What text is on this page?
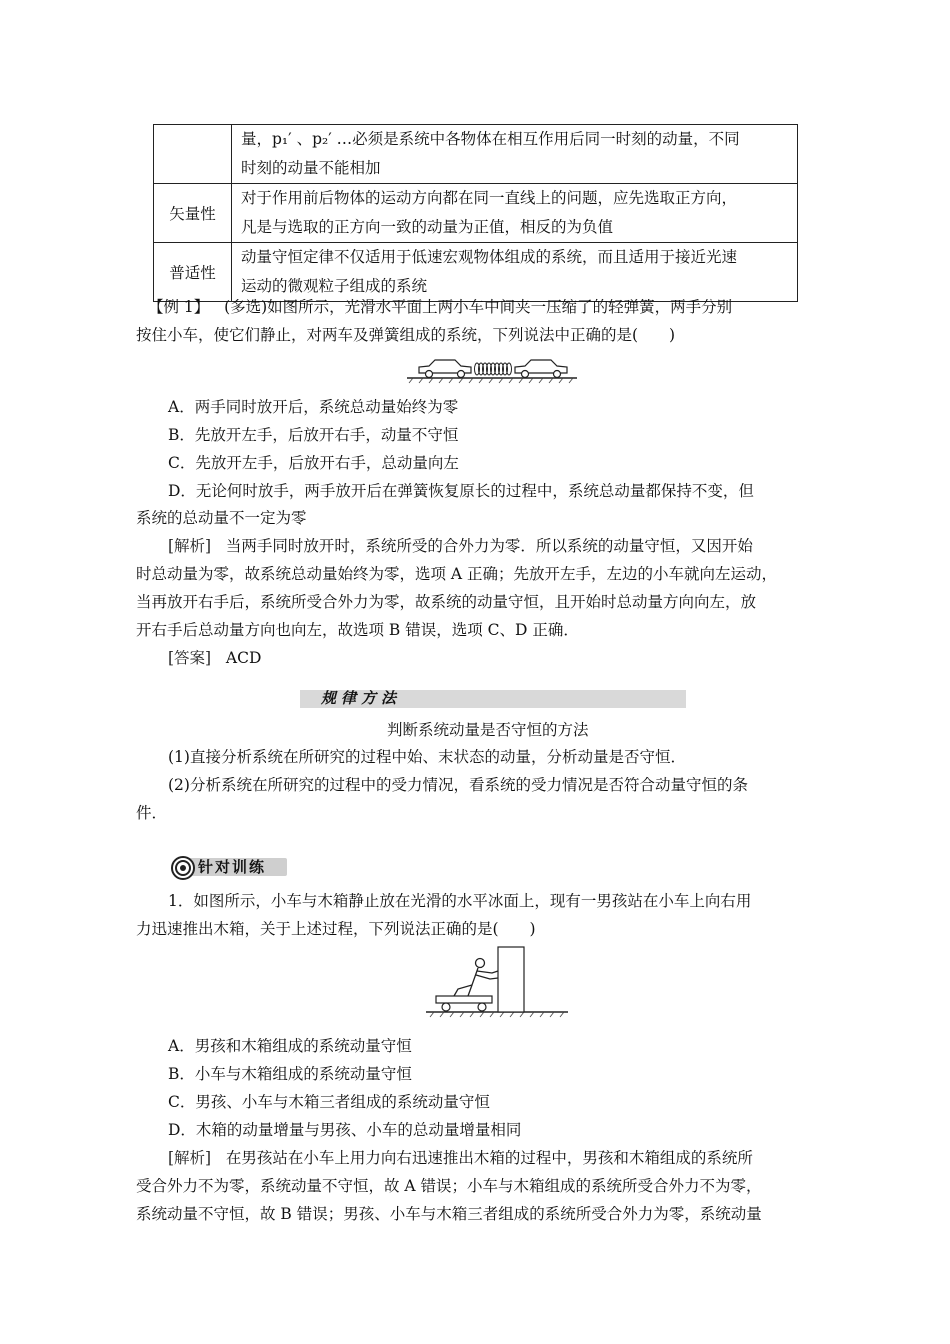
	量，p₁′ 、p₂′ …必须是系统中各物体在相互作用后同一时刻的动量，不同
时刻的动量不能相加

矢量性	对于作用前后物体的运动方向都在同一直线上的问题，应先选取正方向，
凡是与选取的正方向一致的动量为正值，相反的为负值

普适性	动量守恒定律不仅适用于低速宏观物体组成的系统，而且适用于接近光速
运动的微观粒子组成的系统
【例 1】 (多选)如图所示，光滑水平面上两小车中间夹一压缩了的轻弹簧，两手分别
按住小车，使它们静止，对两车及弹簧组成的系统，下列说法中正确的是(　　)
A．两手同时放开后，系统总动量始终为零
B．先放开左手，后放开右手，动量不守恒
C．先放开左手，后放开右手，总动量向左
D．无论何时放手，两手放开后在弹簧恢复原长的过程中，系统总动量都保持不变，但
系统的总动量不一定为零
[解析] 当两手同时放开时，系统所受的合外力为零．所以系统的动量守恒，又因开始
时总动量为零，故系统总动量始终为零，选项 A 正确；先放开左手，左边的小车就向左运动，
当再放开右手后，系统所受合外力为零，故系统的动量守恒，且开始时总动量方向向左，放
开右手后总动量方向也向左，故选项 B 错误，选项 C、D 正确．
[答案] ACD
规律方法
判断系统动量是否守恒的方法
(1)直接分析系统在所研究的过程中始、末状态的动量，分析动量是否守恒．
(2)分析系统在所研究的过程中的受力情况，看系统的受力情况是否符合动量守恒的条
件．
针对训练
1．如图所示，小车与木箱静止放在光滑的水平冰面上，现有一男孩站在小车上向右用
力迅速推出木箱，关于上述过程，下列说法正确的是(　　)
A．男孩和木箱组成的系统动量守恒
B．小车与木箱组成的系统动量守恒
C．男孩、小车与木箱三者组成的系统动量守恒
D．木箱的动量增量与男孩、小车的总动量增量相同
[解析] 在男孩站在小车上用力向右迅速推出木箱的过程中，男孩和木箱组成的系统所
受合外力不为零，系统动量不守恒，故 A 错误；小车与木箱组成的系统所受合外力不为零，
系统动量不守恒，故 B 错误；男孩、小车与木箱三者组成的系统所受合外力为零，系统动量
